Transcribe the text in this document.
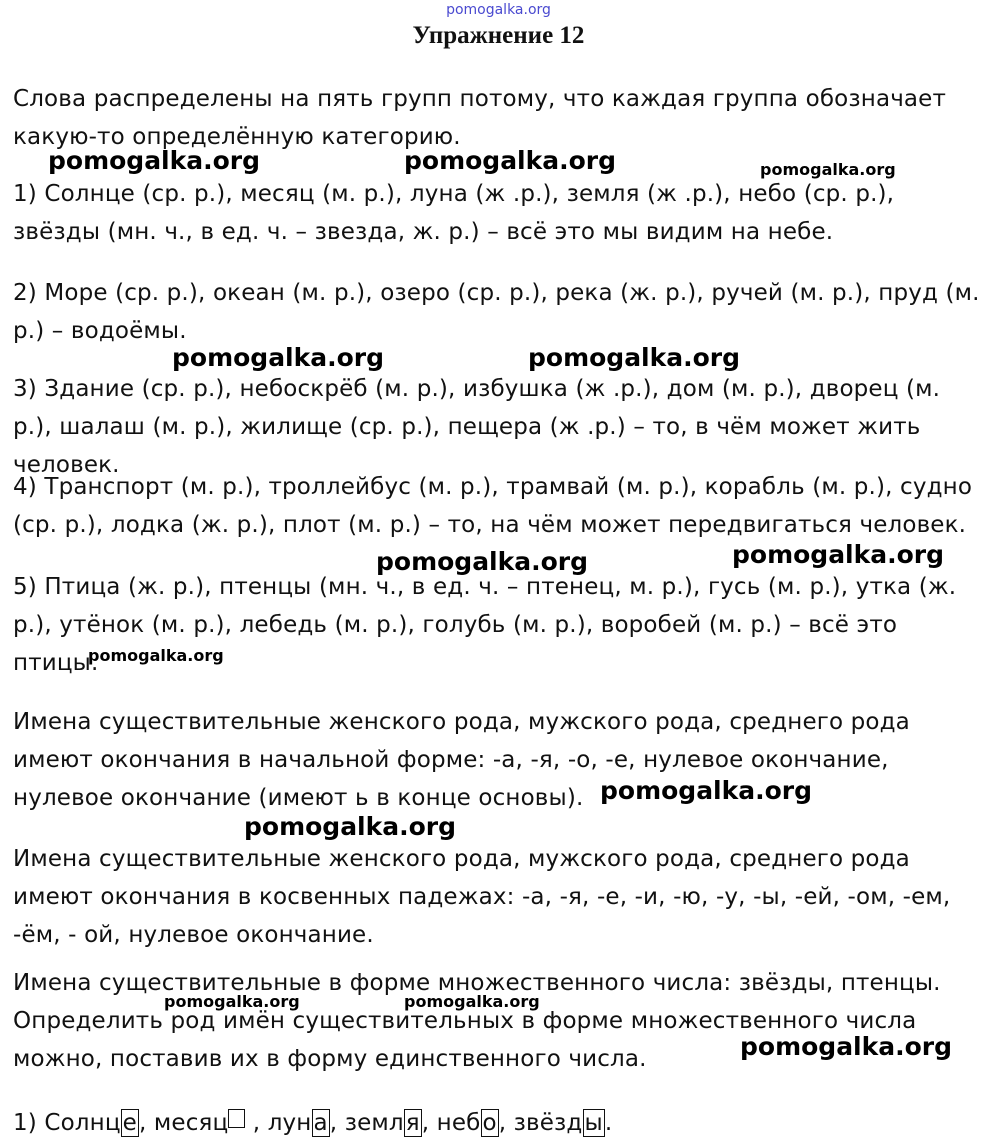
pomogalka.org
Упражнение 12

Слова распределены на пять групп потому, что каждая группа обозначает какую-то определённую категорию.

1) Солнце (ср. р.), месяц (м. р.), луна (ж .р.), земля (ж .р.), небо (ср. р.), звёзды (мн. ч., в ед. ч. – звезда, ж. р.) – всё это мы видим на небе.

2) Море (ср. р.), океан (м. р.), озеро (ср. р.), река (ж. р.), ручей (м. р.), пруд (м. р.) – водоёмы.

3) Здание (ср. р.), небоскрёб (м. р.), избушка (ж .р.), дом (м. р.), дворец (м. р.), шалаш (м. р.), жилище (ср. р.), пещера (ж .р.) – то, в чём может жить человек.

4) Транспорт (м. р.), троллейбус (м. р.), трамвай (м. р.), корабль (м. р.), судно (ср. р.), лодка (ж. р.), плот (м. р.) – то, на чём может передвигаться человек.

5) Птица (ж. р.), птенцы (мн. ч., в ед. ч. – птенец, м. р.), гусь (м. р.), утка (ж. р.), утёнок (м. р.), лебедь (м. р.), голубь (м. р.), воробей (м. р.) – всё это птицы.

Имена существительные женского рода, мужского рода, среднего рода имеют окончания в начальной форме: -а, -я, -о, -е, нулевое окончание, нулевое окончание (имеют ь в конце основы).

Имена существительные женского рода, мужского рода, среднего рода имеют окончания в косвенных падежах: -а, -я, -е, -и, -ю, -у, -ы, -ей, -ом, -ем, -ём, - ой, нулевое окончание.

Имена существительные в форме множественного числа: звёзды, птенцы. Определить род имён существительных в форме множественного числа можно, поставив их в форму единственного числа.

1) Солнце, месяц , луна, земля, небо, звёзды.

pomogalka.org	pomogalka.org	pomogalka.org
pomogalka.org	pomogalka.org
pomogalka.org	pomogalka.org
pomogalka.org
pomogalka.org
pomogalka.org
pomogalka.org	pomogalka.org
pomogalka.org
